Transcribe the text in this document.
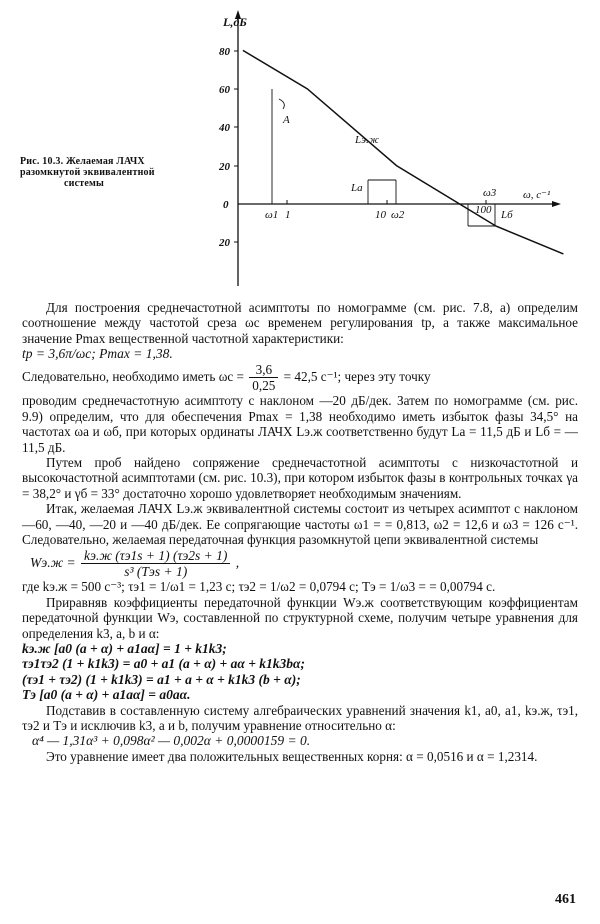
Рис. 10.3. Желаемая ЛАЧХ
разомкнутой эквивалентной

системы
L,дБ
ω, с⁻¹
80
60
40
20
0
20
1	10	100
ω1	ω2
ω3
La
Lб
A
Lэ.ж

Для построения среднечастотной асимптоты по номограмме (см. рис. 7.8, а) определим соотношение между частотой среза ωс временем регулирования tр, а также максимальное значение Pmax вещественной частотной характеристики:

tр = 3,6π/ωс; Pmax = 1,38.

Следовательно, необходимо иметь $\omega с = \frac{3,6}{0,25} = 42,5$ с⁻¹; через эту точку

проводим среднечастотную асимптоту с наклоном —20 дБ/дек. Затем по номограмме (см. рис. 9.9) определим, что для обеспечения Pmax = 1,38 необходимо иметь избыток фазы 34,5° на частотах ωа и ωб, при которых ординаты ЛАЧХ Lэ.ж соответственно будут Lа = 11,5 дБ и Lб = —11,5 дБ.

Путем проб найдено сопряжение среднечастотной асимптоты с низкочастотной и высокочастотной асимптотами (см. рис. 10.3), при котором избыток фазы в контрольных точках γа = 38,2° и γб = 33° достаточно хорошо удовлетворяет необходимым значениям.

Итак, желаемая ЛАЧХ Lэ.ж эквивалентной системы состоит из четырех асимптот с наклоном —60, —40, —20 и —40 дБ/дек. Ее сопрягающие частоты ω1 = = 0,813, ω2 = 12,6 и ω3 = 126 с⁻¹. Следовательно, желаемая передаточная функция разомкнутой цепи эквивалентной системы

$Wэ.ж = \frac{kэ.ж (\tau э1s + 1) (\tau э2s + 1)}{\text{s³ (Tэs + 1)}}$ ,

где kэ.ж = 500 с⁻³; τэ1 = 1/ω1 = 1,23 с; τэ2 = 1/ω2 = 0,0794 с; Tэ = 1/ω3 = = 0,00794 с.

Приравняв коэффициенты передаточной функции Wэ.ж соответствующим коэффициентам передаточной функции Wэ, составленной по структурной схеме, получим четыре уравнения для определения k3, a, b и α:

kэ.ж [a0 (a + α) + a1aα] = 1 + k1k3;

τэ1τэ2 (1 + k1k3) = a0 + a1 (a + α) + aα + k1k3bα;

(τэ1 + τэ2) (1 + k1k3) = a1 + a + α + k1k3 (b + α);

Tэ [a0 (a + α) + a1aα] = a0aα.

Подставив в составленную систему алгебраических уравнений значения k1, a0, a1, kэ.ж, τэ1, τэ2 и Tэ и исключив k3, a и b, получим уравнение относительно α:

α⁴ — 1,31α³ + 0,098α² — 0,002α + 0,0000159 = 0.

Это уравнение имеет два положительных вещественных корня: α = 0,0516 и α = 1,2314.

461
